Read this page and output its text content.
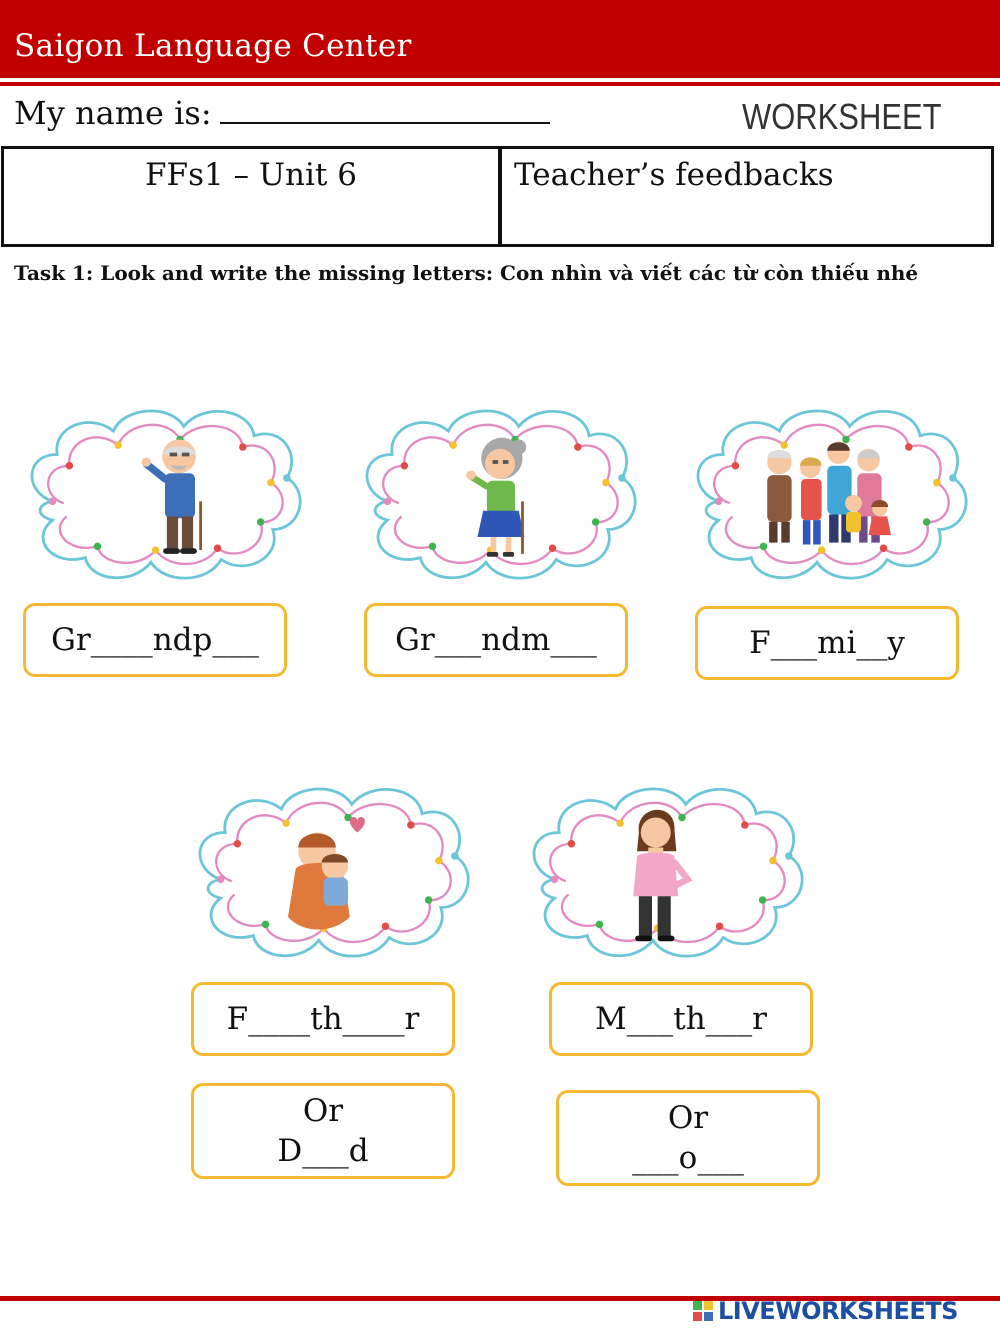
Saigon Language Center
My name is:	WORKSHEET
FFs1 – Unit 6	Teacher’s feedbacks
Task 1: Look and write the missing letters: Con nhìn và viết các từ còn thiếu nhé
Gr____ndp___	Gr___ndm___	F___mi__y
F____th____r	M___th___r
Or
D___d
Or
___o___
LIVEWORKSHEETS
